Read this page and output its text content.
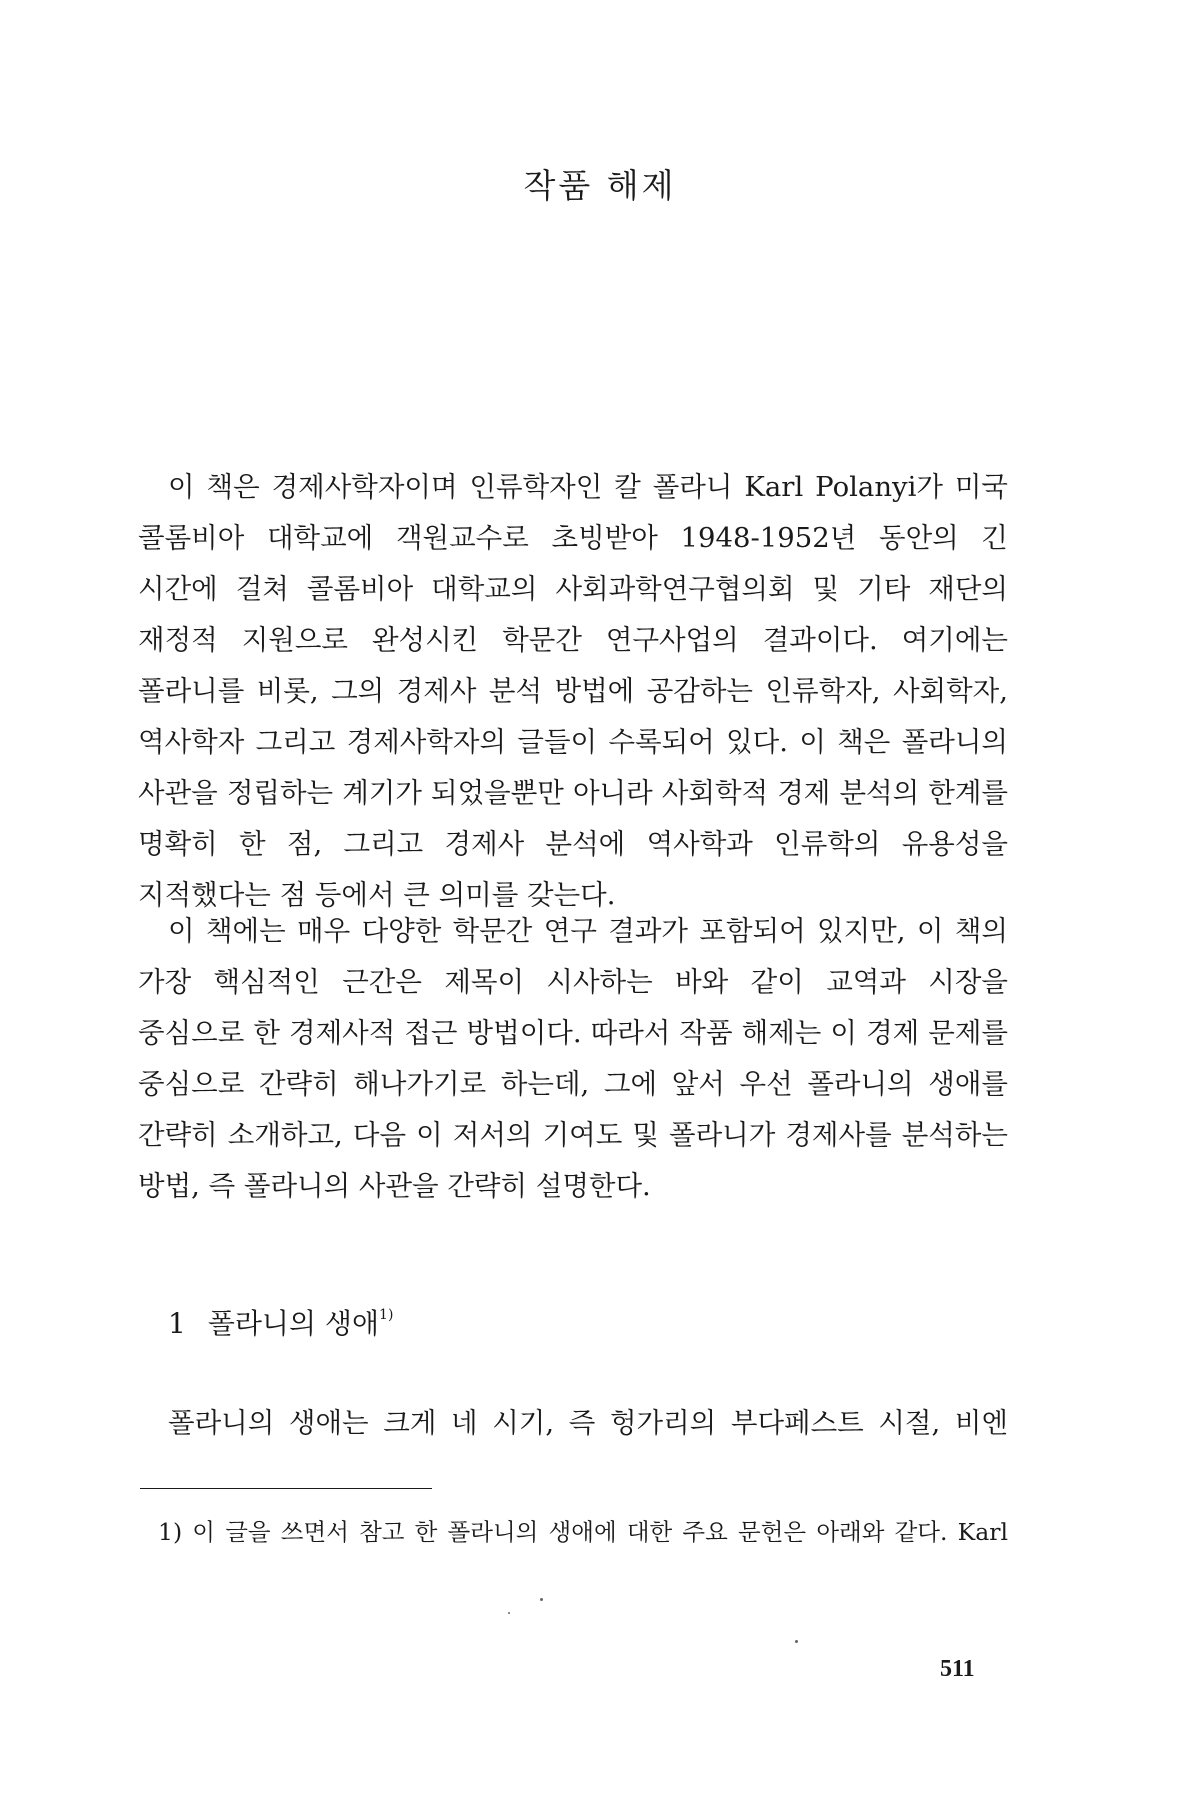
작품 해제

이 책은 경제사학자이며 인류학자인 칼 폴라니 Karl Polanyi가 미국 콜롬비아 대학교에 객원교수로 초빙받아 1948-1952년 동안의 긴 시간에 걸쳐 콜롬비아 대학교의 사회과학연구협의회 및 기타 재단의 재정적 지원으로 완성시킨 학문간 연구사업의 결과이다. 여기에는 폴라니를 비롯, 그의 경제사 분석 방법에 공감하는 인류학자, 사회학자, 역사학자 그리고 경제사학자의 글들이 수록되어 있다. 이 책은 폴라니의 사관을 정립하는 계기가 되었을뿐만 아니라 사회학적 경제 분석의 한계를 명확히 한 점, 그리고 경제사 분석에 역사학과 인류학의 유용성을 지적했다는 점 등에서 큰 의미를 갖는다.

이 책에는 매우 다양한 학문간 연구 결과가 포함되어 있지만, 이 책의 가장 핵심적인 근간은 제목이 시사하는 바와 같이 교역과 시장을 중심으로 한 경제사적 접근 방법이다. 따라서 작품 해제는 이 경제 문제를 중심으로 간략히 해나가기로 하는데, 그에 앞서 우선 폴라니의 생애를 간략히 소개하고, 다음 이 저서의 기여도 및 폴라니가 경제사를 분석하는 방법, 즉 폴라니의 사관을 간략히 설명한다.

1 폴라니의 생애$^{1)}$
폴라니의 생애는 크게 네 시기, 즉 헝가리의 부다페스트 시절, 비엔
1) 이 글을 쓰면서 참고 한 폴라니의 생애에 대한 주요 문헌은 아래와 같다. Karl
511
